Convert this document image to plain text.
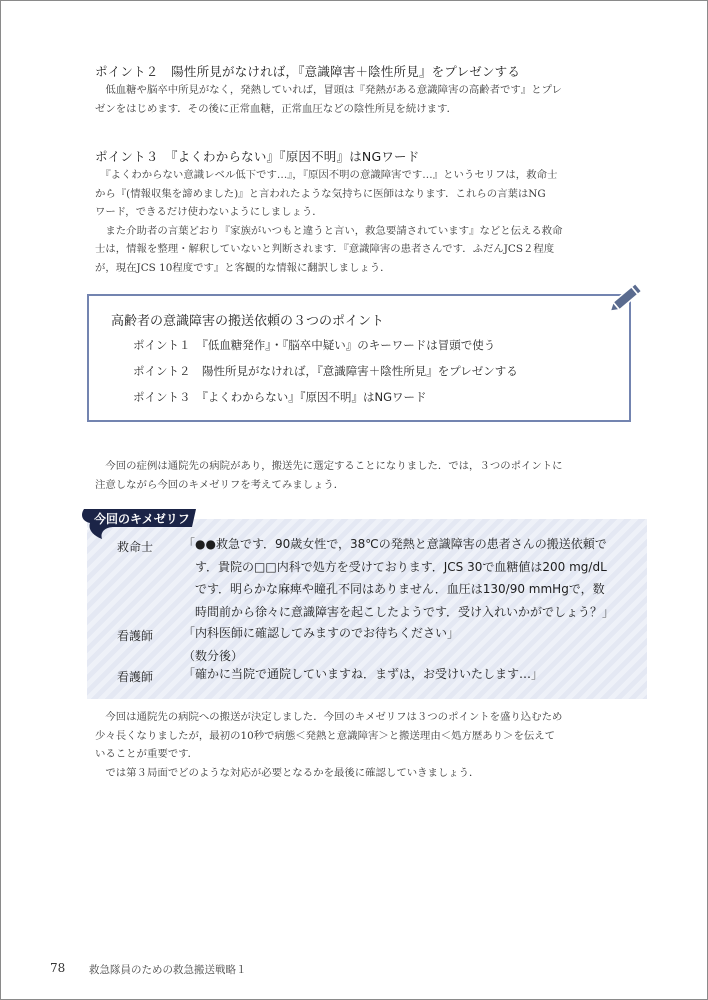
ポイント２　陽性所見がなければ，『意識障害＋陰性所見』をプレゼンする
　低血糖や脳卒中所見がなく，発熱していれば，冒頭は『発熱がある意識障害の高齢者です』とプレ
ゼンをはじめます．その後に正常血糖，正常血圧などの陰性所見を続けます．
ポイント３　『よくわからない』『原因不明』はNGワード
　『よくわからない意識レベル低下です…』，『原因不明の意識障害です…』というセリフは，救命士
から『(情報収集を諦めました)』と言われたような気持ちに医師はなります．これらの言葉はNG
ワード，できるだけ使わないようにしましょう．
　また介助者の言葉どおり『家族がいつもと違うと言い，救急要請されています』などと伝える救命
士は，情報を整理・解釈していないと判断されます．『意識障害の患者さんです．ふだんJCS２程度
が，現在JCS 10程度です』と客観的な情報に翻訳しましょう．
高齢者の意識障害の搬送依頼の３つのポイント
ポイント１　『低血糖発作』・『脳卒中疑い』のキーワードは冒頭で使う
ポイント２　陽性所見がなければ，『意識障害＋陰性所見』をプレゼンする
ポイント３　『よくわからない』『原因不明』はNGワード
　今回の症例は通院先の病院があり，搬送先に選定することになりました．では，３つのポイントに
注意しながら今回のキメゼリフを考えてみましょう．
今回のキメゼリフ
救命士 「●●救急です．90歳女性で，38℃の発熱と意識障害の患者さんの搬送依頼で
　す．貴院の□□内科で処方を受けております．JCS 30で血糖値は200 mg/dL
　です．明らかな麻痺や瞳孔不同はありません．血圧は130/90 mmHgで，数
　時間前から徐々に意識障害を起こしたようです．受け入れいかがでしょう？」
看護師 「内科医師に確認してみますのでお待ちください」
（数分後）
看護師 「確かに当院で通院していますね．まずは，お受けいたします…」
　今回は通院先の病院への搬送が決定しました．今回のキメゼリフは３つのポイントを盛り込むため
少々長くなりましたが，最初の10秒で病態＜発熱と意識障害＞と搬送理由＜処方歴あり＞を伝えて
いることが重要です．
　では第３局面でどのような対応が必要となるかを最後に確認していきましょう．
78 救急隊員のための救急搬送戦略１
